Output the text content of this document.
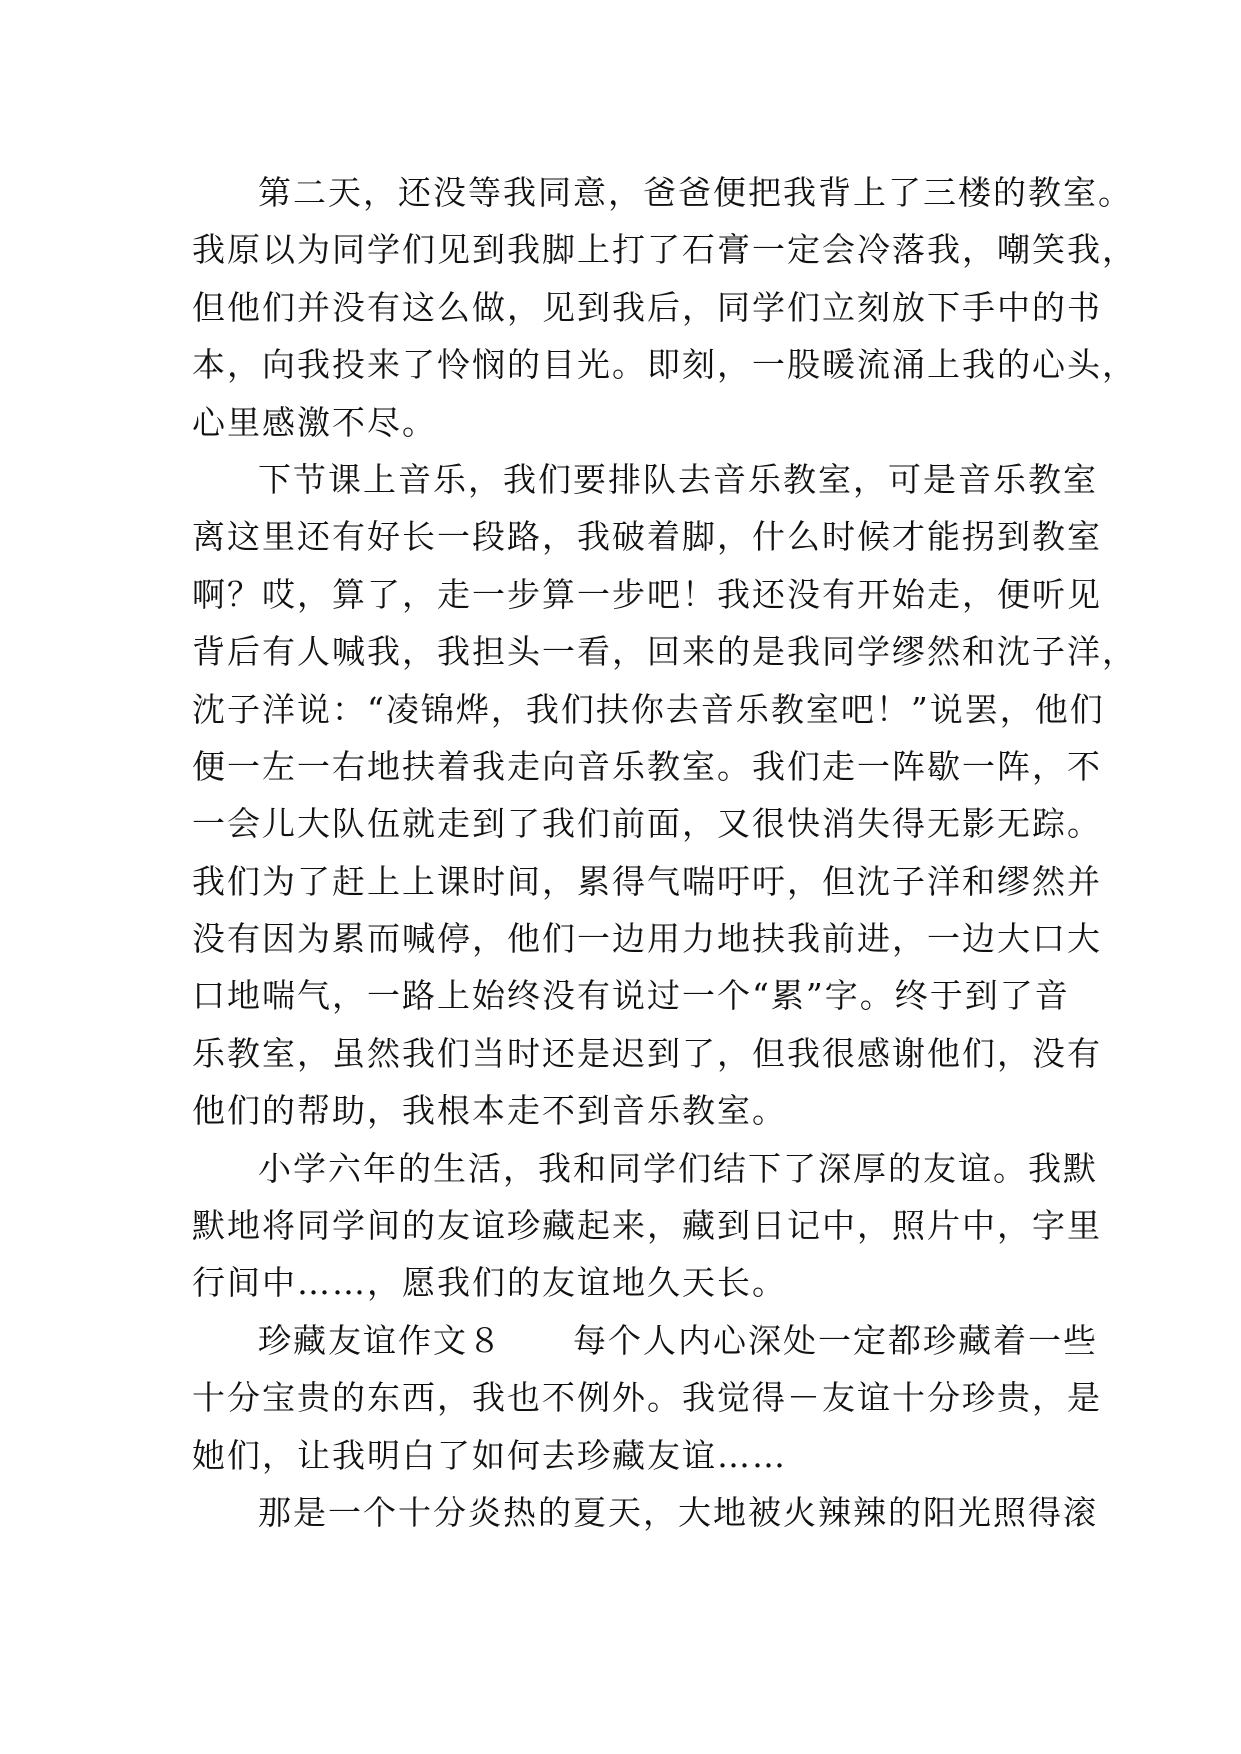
第二天，还没等我同意，爸爸便把我背上了三楼的教室。
我原以为同学们见到我脚上打了石膏一定会冷落我，嘲笑我，
但他们并没有这么做，见到我后，同学们立刻放下手中的书
本，向我投来了怜悯的目光。即刻，一股暖流涌上我的心头，
心里感激不尽。
下节课上音乐，我们要排队去音乐教室，可是音乐教室
离这里还有好长一段路，我破着脚，什么时候才能拐到教室
啊？哎，算了，走一步算一步吧！我还没有开始走，便听见
背后有人喊我，我担头一看，回来的是我同学缪然和沈子洋，
沈子洋说：“凌锦烨，我们扶你去音乐教室吧！”说罢，他们
便一左一右地扶着我走向音乐教室。我们走一阵歇一阵，不
一会儿大队伍就走到了我们前面，又很快消失得无影无踪。
我们为了赶上上课时间，累得气喘吁吁，但沈子洋和缪然并
没有因为累而喊停，他们一边用力地扶我前进，一边大口大
口地喘气，一路上始终没有说过一个“累”字。终于到了音
乐教室，虽然我们当时还是迟到了，但我很感谢他们，没有
他们的帮助，我根本走不到音乐教室。
小学六年的生活，我和同学们结下了深厚的友谊。我默
默地将同学间的友谊珍藏起来，藏到日记中，照片中，字里
行间中……，愿我们的友谊地久天长。
珍藏友谊作文８　　每个人内心深处一定都珍藏着一些
十分宝贵的东西，我也不例外。我觉得－友谊十分珍贵，是
她们，让我明白了如何去珍藏友谊……
那是一个十分炎热的夏天，大地被火辣辣的阳光照得滚
